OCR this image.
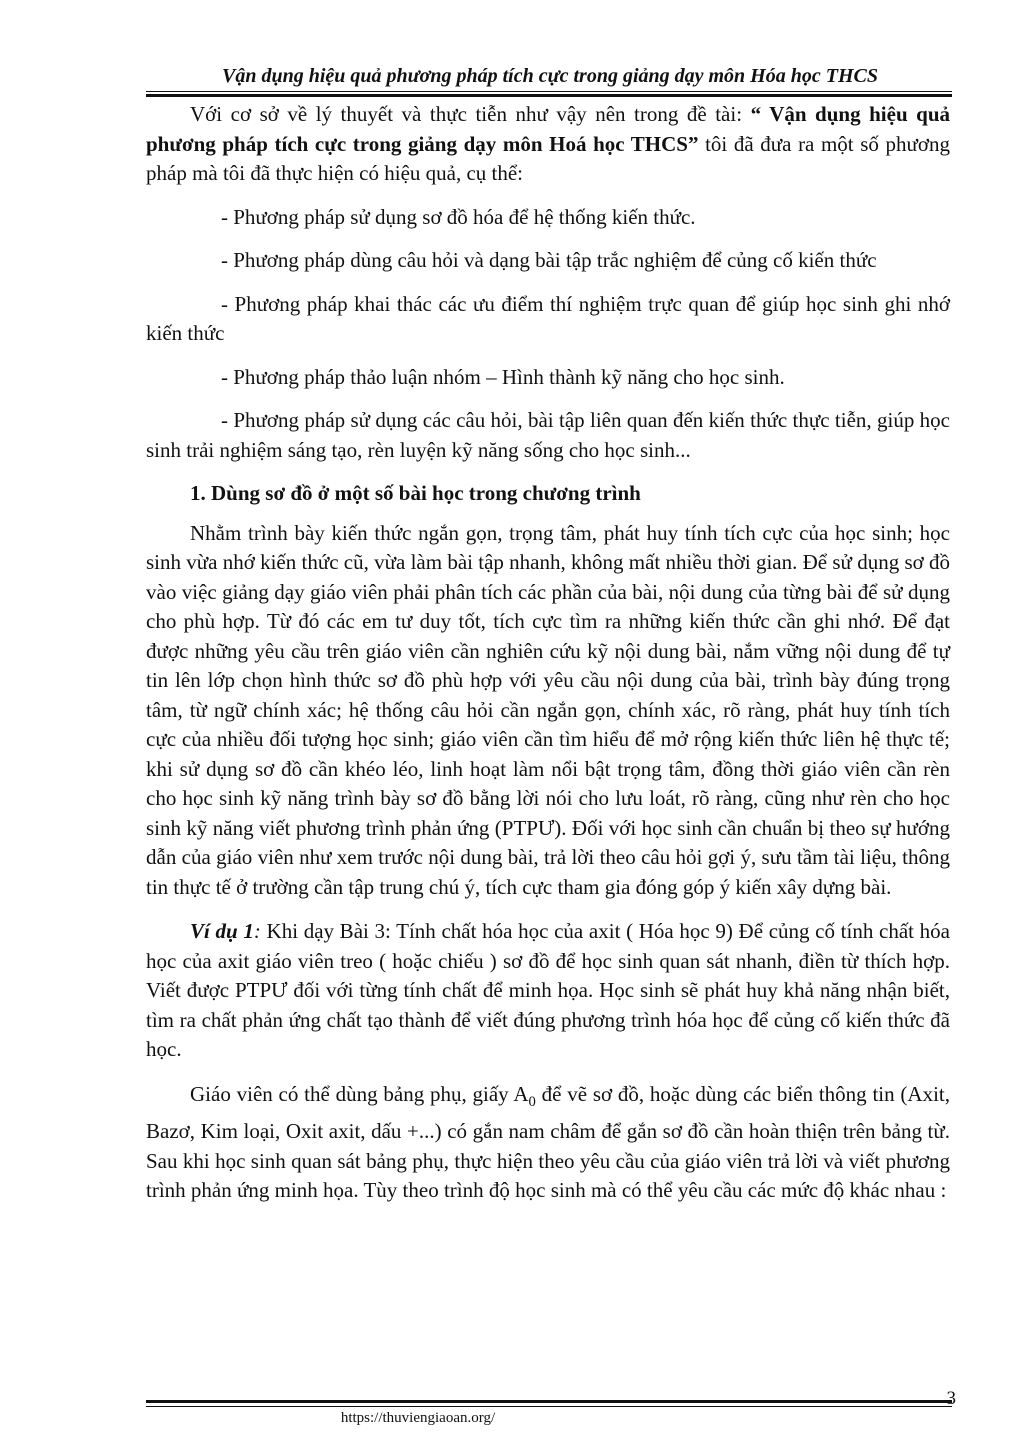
Vận dụng hiệu quả phương pháp tích cực trong giảng dạy môn Hóa học THCS

Với cơ sở về lý thuyết và thực tiễn như vậy nên trong đề tài: “ Vận dụng hiệu quả phương pháp tích cực trong giảng dạy môn Hoá học THCS” tôi đã đưa ra một số phương pháp mà tôi đã thực hiện có hiệu quả, cụ thể:

- Phương pháp sử dụng sơ đồ hóa để hệ thống kiến thức.

- Phương pháp dùng câu hỏi và dạng bài tập trắc nghiệm để củng cố kiến thức

- Phương pháp khai thác các ưu điểm thí nghiệm trực quan để giúp học sinh ghi nhớ kiến thức

- Phương pháp thảo luận nhóm – Hình thành kỹ năng cho học sinh.

- Phương pháp sử dụng các câu hỏi, bài tập liên quan đến kiến thức thực tiễn, giúp học sinh trải nghiệm sáng tạo, rèn luyện kỹ năng sống cho học sinh...

1. Dùng sơ đồ ở một số bài học trong chương trình

Nhằm trình bày kiến thức ngắn gọn, trọng tâm, phát huy tính tích cực của học sinh; học sinh vừa nhớ kiến thức cũ, vừa làm bài tập nhanh, không mất nhiều thời gian. Để sử dụng sơ đồ vào việc giảng dạy giáo viên phải phân tích các phần của bài, nội dung của từng bài để sử dụng cho phù hợp. Từ đó các em tư duy tốt, tích cực tìm ra những kiến thức cần ghi nhớ. Để đạt được những yêu cầu trên giáo viên cần nghiên cứu kỹ nội dung bài, nắm vững nội dung để tự tin lên lớp chọn hình thức sơ đồ phù hợp với yêu cầu nội dung của bài, trình bày đúng trọng tâm, từ ngữ chính xác; hệ thống câu hỏi cần ngắn gọn, chính xác, rõ ràng, phát huy tính tích cực của nhiều đối tượng học sinh; giáo viên cần tìm hiểu để mở rộng kiến thức liên hệ thực tế; khi sử dụng sơ đồ cần khéo léo, linh hoạt làm nổi bật trọng tâm, đồng thời giáo viên cần rèn cho học sinh kỹ năng trình bày sơ đồ bằng lời nói cho lưu loát, rõ ràng, cũng như rèn cho học sinh kỹ năng viết phương trình phản ứng (PTPƯ). Đối với học sinh cần chuẩn bị theo sự hướng dẫn của giáo viên như xem trước nội dung bài, trả lời theo câu hỏi gợi ý, sưu tầm tài liệu, thông tin thực tế ở trường cần tập trung chú ý, tích cực tham gia đóng góp ý kiến xây dựng bài.

Ví dụ 1: Khi dạy Bài 3: Tính chất hóa học của axit ( Hóa học 9) Để củng cố tính chất hóa học của axit giáo viên treo ( hoặc chiếu ) sơ đồ để học sinh quan sát nhanh, điền từ thích hợp. Viết được PTPƯ đối với từng tính chất để minh họa. Học sinh sẽ phát huy khả năng nhận biết, tìm ra chất phản ứng chất tạo thành để viết đúng phương trình hóa học để củng cố kiến thức đã học.

Giáo viên có thể dùng bảng phụ, giấy $A_0$ để vẽ sơ đồ, hoặc dùng các biển thông tin (Axit, Bazơ, Kim loại, Oxit axit, dấu +...) có gắn nam châm để gắn sơ đồ cần hoàn thiện trên bảng từ. Sau khi học sinh quan sát bảng phụ, thực hiện theo yêu cầu của giáo viên trả lời và viết phương trình phản ứng minh họa. Tùy theo trình độ học sinh mà có thể yêu cầu các mức độ khác nhau :

3
https://thuviengiaoan.org/
